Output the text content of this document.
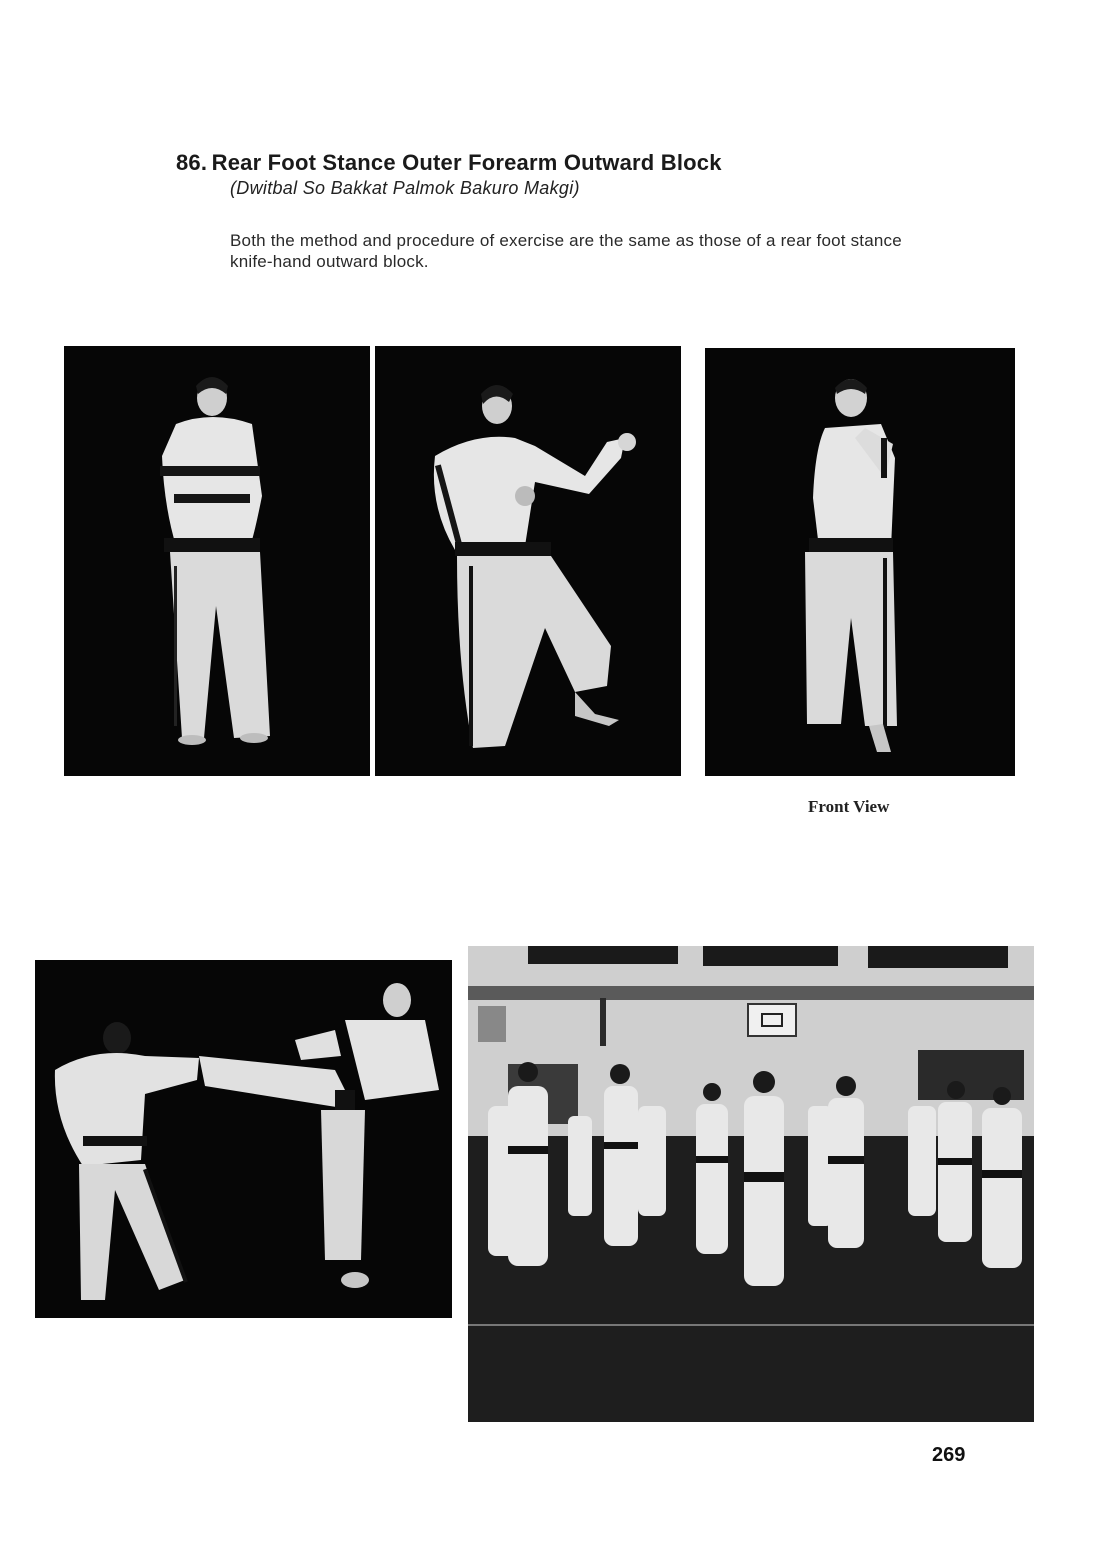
86. Rear Foot Stance Outer Forearm Outward Block
(Dwitbal So Bakkat Palmok Bakuro Makgi)

Both the method and procedure of exercise are the same as those of a rear foot stance knife-hand outward block.

Front View
269
